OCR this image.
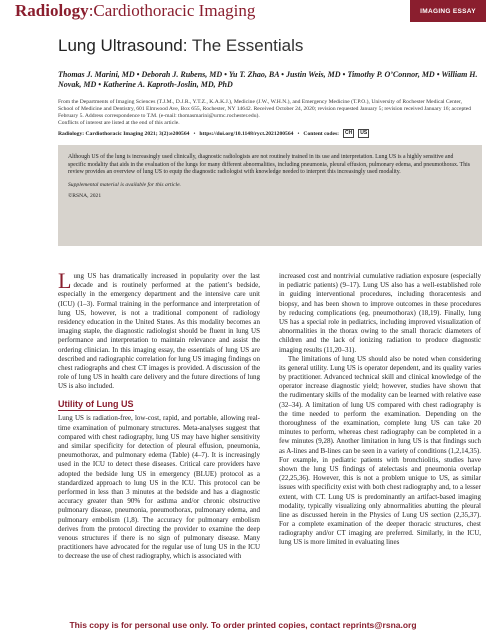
Radiology:Cardiothoracic Imaging	IMAGING ESSAY
Lung Ultrasound: The Essentials
Thomas J. Marini, MD • Deborah J. Rubens, MD • Yu T. Zhao, BA • Justin Weis, MD • Timothy P. O’Connor, MD • William H. Novak, MD • Katherine A. Kaproth-Joslin, MD, PhD
From the Departments of Imaging Sciences (T.J.M., D.J.R., Y.T.Z., K.A.K.J.), Medicine (J.W., W.H.N.), and Emergency Medicine (T.P.O.), University of Rochester Medical Center, School of Medicine and Dentistry, 601 Elmwood Ave, Box 655, Rochester, NY 14642. Received October 24, 2020; revision requested January 5; revision received January 16; accepted February 5. Address correspondence to T.M. (e-mail: thomasmarini@urmc.rochester.edu).
Conflicts of interest are listed at the end of this article.
Radiology: Cardiothoracic Imaging 2021; 3(2):e200564 • https://doi.org/10.1148/ryct.2021200564 • Content codes:	CH	US
Although US of the lung is increasingly used clinically, diagnostic radiologists are not routinely trained in its use and interpretation. Lung US is a highly sensitive and specific modality that aids in the evaluation of the lungs for many different abnormalities, including pneumonia, pleural effusion, pulmonary edema, and pneumothorax. This review provides an overview of lung US to equip the diagnostic radiologist with knowledge needed to interpret this increasingly used modality.
Supplemental material is available for this article.
©RSNA, 2021

Lung US has dramatically increased in popularity over the last decade and is routinely performed at the patient’s bedside, especially in the emergency department and the intensive care unit (ICU) (1–3). Formal training in the performance and interpretation of lung US, however, is not a traditional component of radiology residency education in the United States. As this modality becomes an imaging staple, the diagnostic radiologist should be fluent in lung US performance and interpretation to maintain relevance and assist the ordering clinician. In this imaging essay, the essentials of lung US are described and radiographic correlation for lung US imaging findings on chest radiographs and chest CT images is provided. A discussion of the role of lung US in health care delivery and the future directions of lung US is also included.

Utility of Lung US

Lung US is radiation-free, low-cost, rapid, and portable, allowing real-time examination of pulmonary structures. Meta-analyses suggest that compared with chest radiography, lung US may have higher sensitivity and similar specificity for detection of pleural effusion, pneumonia, pneumothorax, and pulmonary edema (Table) (4–7). It is increasingly used in the ICU to detect these diseases. Critical care providers have adopted the bedside lung US in emergency (BLUE) protocol as a standardized approach to lung US in the ICU. This protocol can be performed in less than 3 minutes at the bedside and has a diagnostic accuracy greater than 90% for asthma and/or chronic obstructive pulmonary disease, pneumonia, pneumothorax, pulmonary edema, and pulmonary embolism (1,8). The accuracy for pulmonary embolism derives from the protocol directing the provider to examine the deep venous structures if there is no sign of pulmonary disease. Many practitioners have advocated for the regular use of lung US in the ICU to decrease the use of chest radiography, which is associated with

increased cost and nontrivial cumulative radiation exposure (especially in pediatric patients) (9–17). Lung US also has a well-established role in guiding interventional procedures, including thoracentesis and biopsy, and has been shown to improve outcomes in these procedures by reducing complications (eg, pneumothorax) (18,19). Finally, lung US has a special role in pediatrics, including improved visualization of abnormalities in the thorax owing to the small thoracic diameters of children and the lack of ionizing radiation to produce diagnostic imaging results (11,20–31).

The limitations of lung US should also be noted when considering its general utility. Lung US is operator dependent, and its quality varies by practitioner. Advanced technical skill and clinical knowledge of the operator increase diagnostic yield; however, studies have shown that the rudimentary skills of the modality can be learned with relative ease (32–34). A limitation of lung US compared with chest radiography is the time needed to perform the examination. Depending on the thoroughness of the examination, complete lung US can take 20 minutes to perform, whereas chest radiography can be completed in a few minutes (9,28). Another limitation in lung US is that findings such as A-lines and B-lines can be seen in a variety of conditions (1,2,14,35). For example, in pediatric patients with bronchiolitis, studies have shown the lung US findings of atelectasis and pneumonia overlap (22,25,36). However, this is not a problem unique to US, as similar issues with specificity exist with both chest radiography and, to a lesser extent, with CT. Lung US is predominantly an artifact-based imaging modality, typically visualizing only abnormalities abutting the pleural line as discussed herein in the Physics of Lung US section (2,35,37). For a complete examination of the deeper thoracic structures, chest radiography and/or CT imaging are preferred. Similarly, in the ICU, lung US is more limited in evaluating lines

This copy is for personal use only. To order printed copies, contact reprints@rsna.org
